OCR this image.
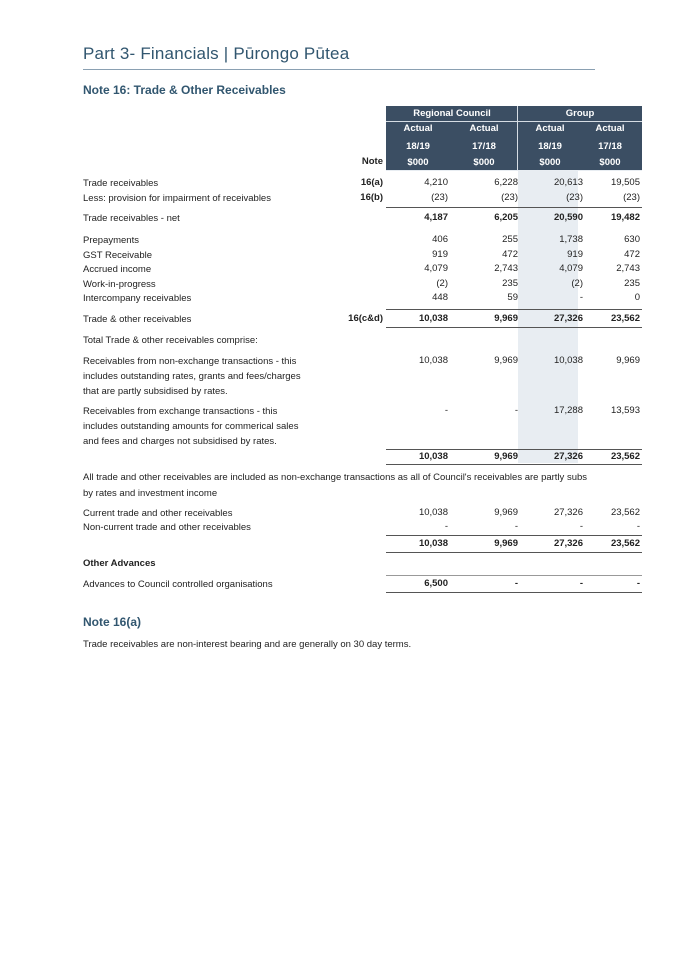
Part 3- Financials | Pūrongo Pūtea
Note 16: Trade & Other Receivables
Regional Council	Group
Actual	Actual	Actual	Actual
18/19	17/18	18/19	17/18
$000	$000	$000	$000
Note
Trade receivables	16(a)	4,210	6,228	20,613	19,505
Less: provision for impairment of receivables	16(b)	(23)	(23)	(23)	(23)
Trade receivables - net	4,187	6,205	20,590	19,482
Prepayments	406	255	1,738	630
GST Receivable	919	472	919	472
Accrued income	4,079	2,743	4,079	2,743
Work-in-progress	(2)	235	(2)	235
Intercompany receivables	448	59	-	0
Trade & other receivables	16(c&d)	10,038	9,969	27,326	23,562
Total Trade & other receivables comprise:
Receivables from non-exchange transactions - this
includes outstanding rates, grants and fees/charges
that are partly subsidised by rates.
10,038	9,969	10,038	9,969
Receivables from exchange transactions - this
includes outstanding amounts for commerical sales
and fees and charges not subsidised by rates.
-	-	17,288	13,593
10,038	9,969	27,326	23,562
All trade and other receivables are included as non-exchange transactions as all of Council's receivables are partly subs
by rates and investment income
Current trade and other receivables	10,038	9,969	27,326	23,562
Non-current trade and other receivables	-	-	-	-
10,038	9,969	27,326	23,562
Other Advances
Advances to Council controlled organisations	6,500	-	-	-
Note 16(a)
Trade receivables are non-interest bearing and are generally on 30 day terms.
